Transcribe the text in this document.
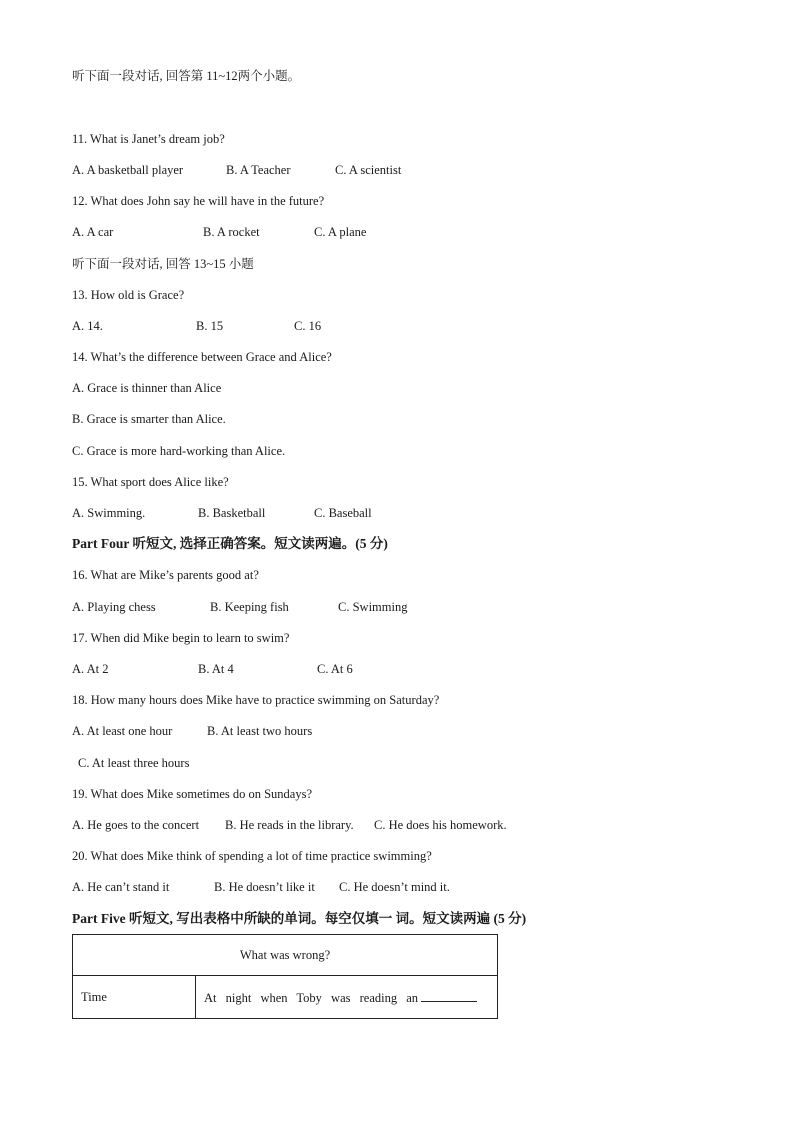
听下面一段对话, 回答第 11~12两个小题。
11. What is Janet’s dream job?
A. A basketball player	B. A Teacher	C. A scientist
12. What does John say he will have in the future?
A. A car	B. A rocket	C. A plane
听下面一段对话, 回答 13~15 小题
13. How old is Grace?
A. 14.	B. 15	C. 16
14. What’s the difference between Grace and Alice?
A. Grace is thinner than Alice
B. Grace is smarter than Alice.
C. Grace is more hard-working than Alice.
15. What sport does Alice like?
A. Swimming.	B. Basketball	C. Baseball
Part Four 听短文, 选择正确答案。短文读两遍。(5 分)
16. What are Mike’s parents good at?
A. Playing chess	B. Keeping fish	C. Swimming
17. When did Mike begin to learn to swim?
A. At 2	B. At 4	C. At 6
18. How many hours does Mike have to practice swimming on Saturday?
A. At least one hour	B. At least two hours
C. At least three hours
19. What does Mike sometimes do on Sundays?
A. He goes to the concert B. He reads in the library. C. He does his homework.
20. What does Mike think of spending a lot of time practice swimming?
A. He can’t stand it	B. He doesn’t like it C. He doesn’t mind it.
Part Five 听短文, 写出表格中所缺的单词。每空仅填一 词。短文读两遍 (5 分)
What was wrong?
Time	At night when Toby was reading an
